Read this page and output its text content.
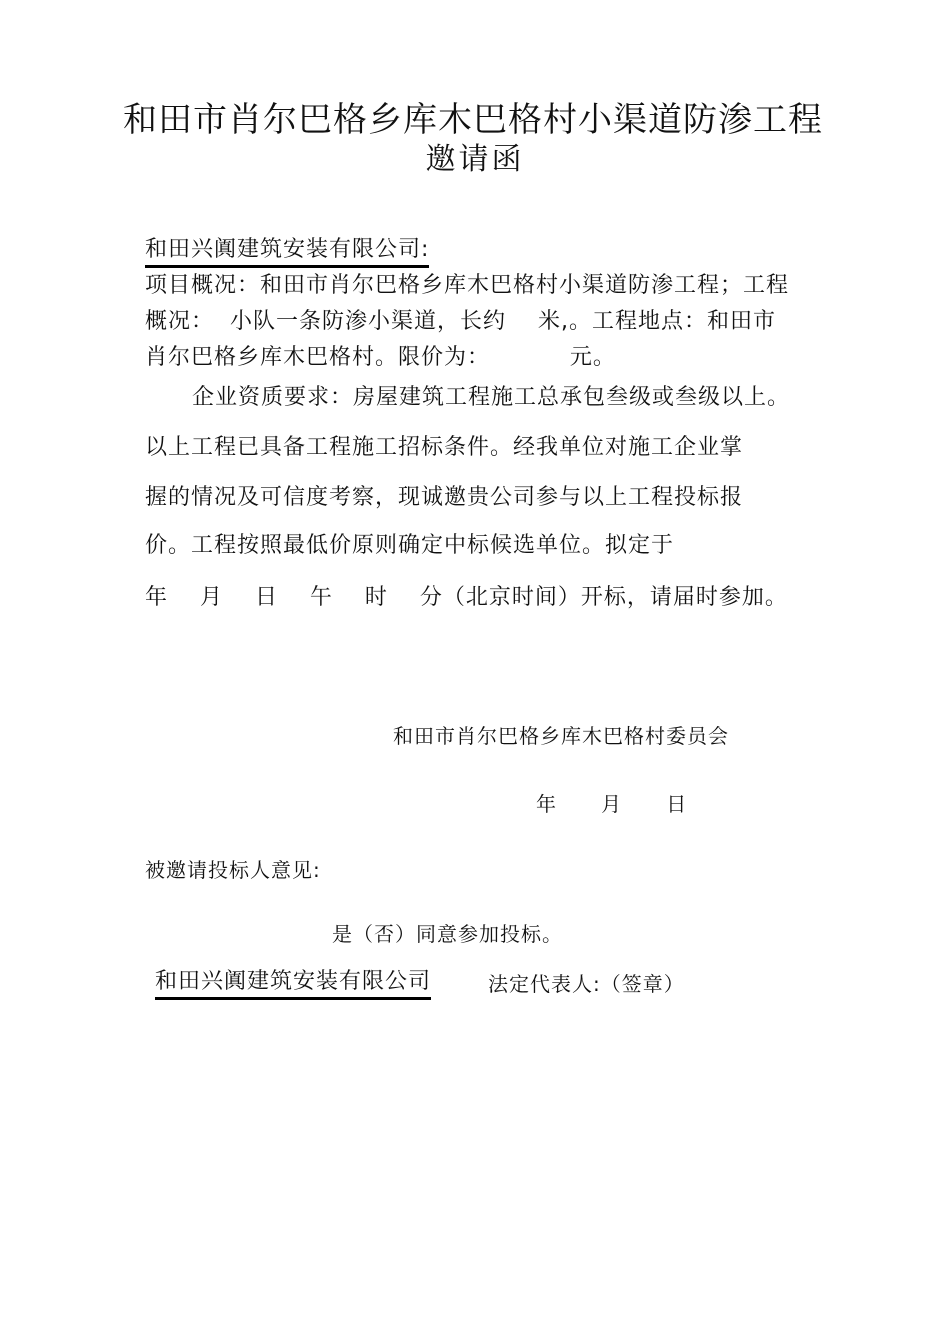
和田市肖尔巴格乡库木巴格村小渠道防渗工程
邀请函
和田兴阗建筑安装有限公司:
项目概况：和田市肖尔巴格乡库木巴格村小渠道防渗工程；工程
概况：  小队一条防渗小渠道，长约    米,。工程地点：和田市
肖尔巴格乡库木巴格村。限价为：          元。
企业资质要求：房屋建筑工程施工总承包叁级或叁级以上。
以上工程已具备工程施工招标条件。经我单位对施工企业掌
握的情况及可信度考察，现诚邀贵公司参与以上工程投标报
价。工程按照最低价原则确定中标候选单位。拟定于
年    月    日    午    时    分（北京时间）开标，请届时参加。
和田市肖尔巴格乡库木巴格村委员会
年      月      日
被邀请投标人意见:
是（否）同意参加投标。
和田兴阗建筑安装有限公司	法定代表人:（签章）
